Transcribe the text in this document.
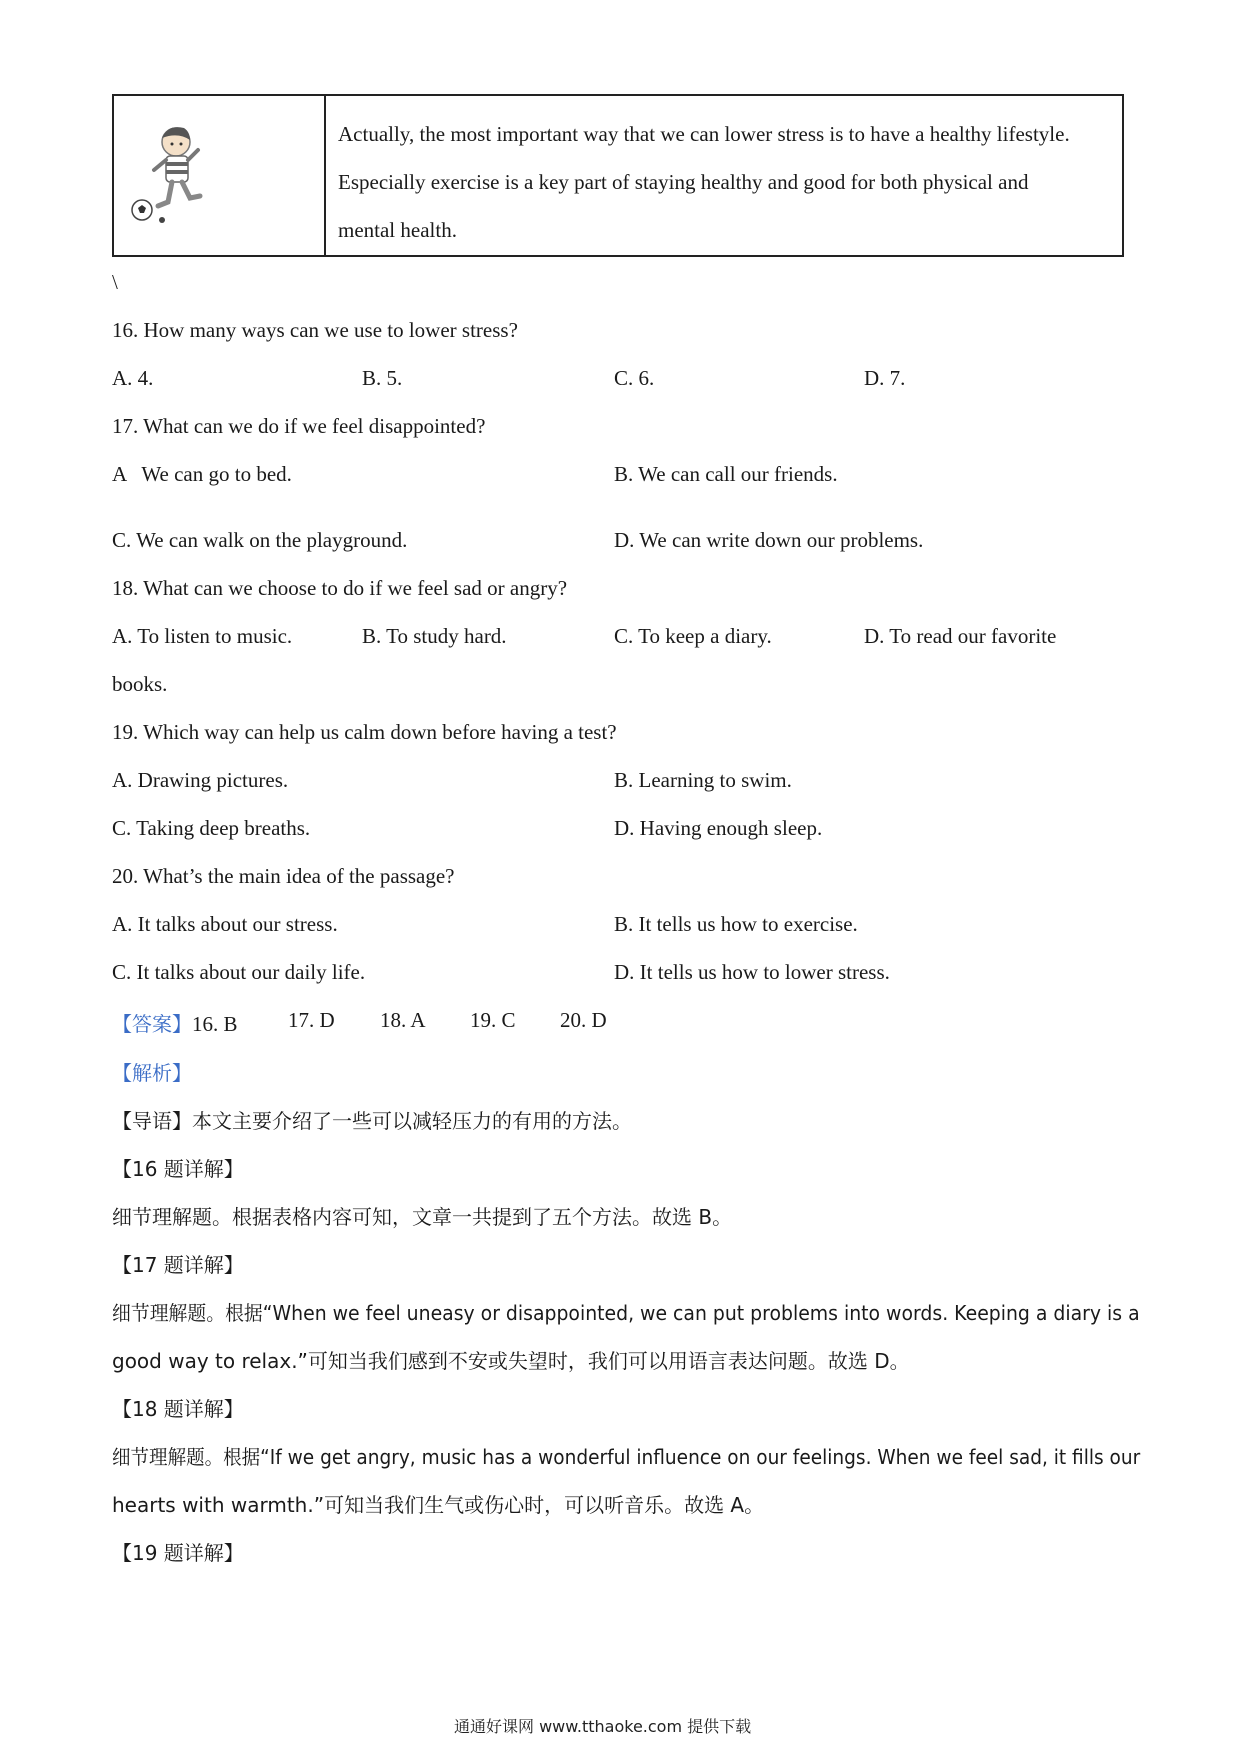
Actually, the most important way that we can lower stress is to have a healthy lifestyle.
Especially exercise is a key part of staying healthy and good for both physical and
mental health.
\
16. How many ways can we use to lower stress?
A. 4.	B. 5.	C. 6.	D. 7.
17. What can we do if we feel disappointed?
A   We can go to bed.	B. We can call our friends.
C. We can walk on the playground.	D. We can write down our problems.
18. What can we choose to do if we feel sad or angry?
A. To listen to music.	B. To study hard.	C. To keep a diary.	D. To read our favorite
books.
19. Which way can help us calm down before having a test?
A. Drawing pictures.	B. Learning to swim.
C. Taking deep breaths.	D. Having enough sleep.
20. What’s the main idea of the passage?
A. It talks about our stress.	B. It tells us how to exercise.
C. It talks about our daily life.	D. It tells us how to lower stress.
【答案】16. B 17. D 18. A 19. C 20. D
【解析】
【导语】本文主要介绍了一些可以减轻压力的有用的方法。
【16 题详解】
细节理解题。根据表格内容可知，文章一共提到了五个方法。故选 B。
【17 题详解】
细节理解题。根据“When we feel uneasy or disappointed, we can put problems into words. Keeping a diary is a
good way to relax.”可知当我们感到不安或失望时，我们可以用语言表达问题。故选 D。
【18 题详解】
细节理解题。根据“If we get angry, music has a wonderful influence on our feelings. When we feel sad, it fills our
hearts with warmth.”可知当我们生气或伤心时，可以听音乐。故选 A。
【19 题详解】
通通好课网 www.tthaoke.com 提供下载
